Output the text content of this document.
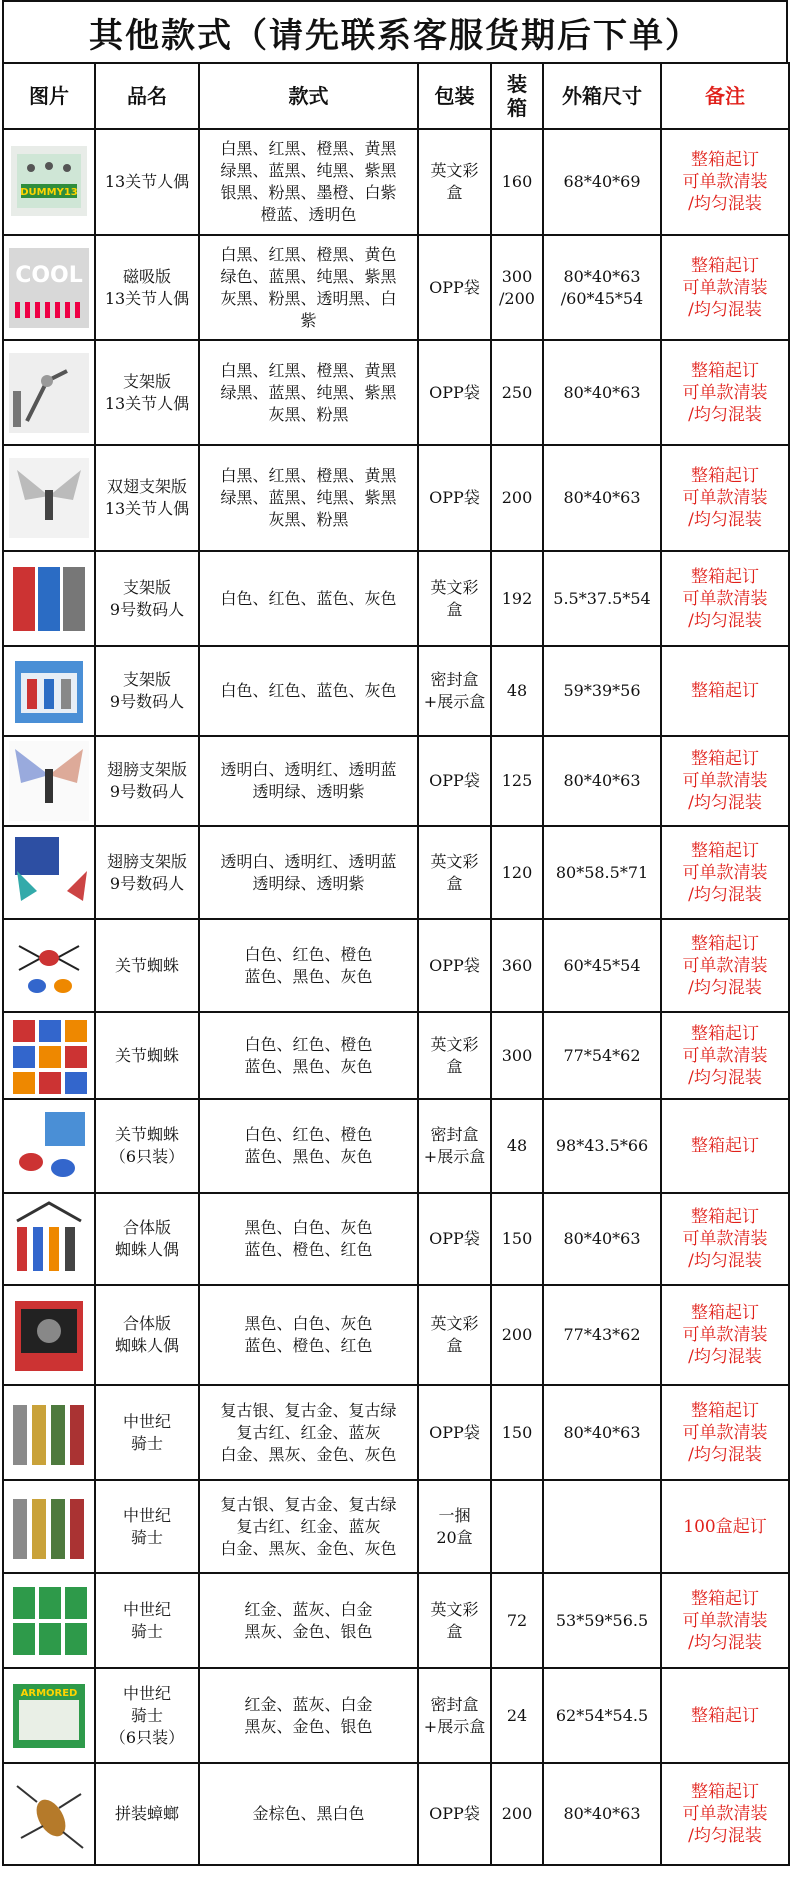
其他款式（请先联系客服货期后下单）
图片	品名	款式	包装	装
箱	外箱尺寸	备注

DUMMY13	13关节人偶	白黑、红黑、橙黑、黄黑
绿黑、蓝黑、纯黑、紫黑
银黑、粉黑、墨橙、白紫
橙蓝、透明色	英文彩
盒	160	68*40*69	整箱起订
可单款清装
/均匀混装

COOL	磁吸版
13关节人偶	白黑、红黑、橙黑、黄色
绿色、蓝黑、纯黑、紫黑
灰黑、粉黑、透明黑、白
紫	OPP袋	300
/200	80*40*63
/60*45*54	整箱起订
可单款清装
/均匀混装

	支架版
13关节人偶	白黑、红黑、橙黑、黄黑
绿黑、蓝黑、纯黑、紫黑
灰黑、粉黑	OPP袋	250	80*40*63	整箱起订
可单款清装
/均匀混装

	双翅支架版
13关节人偶	白黑、红黑、橙黑、黄黑
绿黑、蓝黑、纯黑、紫黑
灰黑、粉黑	OPP袋	200	80*40*63	整箱起订
可单款清装
/均匀混装

	支架版
9号数码人	白色、红色、蓝色、灰色	英文彩
盒	192	5.5*37.5*54	整箱起订
可单款清装
/均匀混装

	支架版
9号数码人	白色、红色、蓝色、灰色	密封盒
+展示盒	48	59*39*56	整箱起订

	翅膀支架版
9号数码人	透明白、透明红、透明蓝
透明绿、透明紫	OPP袋	125	80*40*63	整箱起订
可单款清装
/均匀混装

	翅膀支架版
9号数码人	透明白、透明红、透明蓝
透明绿、透明紫	英文彩
盒	120	80*58.5*71	整箱起订
可单款清装
/均匀混装

	关节蜘蛛	白色、红色、橙色
蓝色、黑色、灰色	OPP袋	360	60*45*54	整箱起订
可单款清装
/均匀混装

	关节蜘蛛	白色、红色、橙色
蓝色、黑色、灰色	英文彩
盒	300	77*54*62	整箱起订
可单款清装
/均匀混装

	关节蜘蛛
（6只装）	白色、红色、橙色
蓝色、黑色、灰色	密封盒
+展示盒	48	98*43.5*66	整箱起订

	合体版
蜘蛛人偶	黑色、白色、灰色
蓝色、橙色、红色	OPP袋	150	80*40*63	整箱起订
可单款清装
/均匀混装

	合体版
蜘蛛人偶	黑色、白色、灰色
蓝色、橙色、红色	英文彩
盒	200	77*43*62	整箱起订
可单款清装
/均匀混装

	中世纪
骑士	复古银、复古金、复古绿
复古红、红金、蓝灰
白金、黑灰、金色、灰色	OPP袋	150	80*40*63	整箱起订
可单款清装
/均匀混装

	中世纪
骑士	复古银、复古金、复古绿
复古红、红金、蓝灰
白金、黑灰、金色、灰色	一捆
20盒			100盒起订

	中世纪
骑士	红金、蓝灰、白金
黑灰、金色、银色	英文彩
盒	72	53*59*56.5	整箱起订
可单款清装
/均匀混装

ARMORED	中世纪
骑士
（6只装）	红金、蓝灰、白金
黑灰、金色、银色	密封盒
+展示盒	24	62*54*54.5	整箱起订

	拼装蟑螂	金棕色、黑白色	OPP袋	200	80*40*63	整箱起订
可单款清装
/均匀混装
